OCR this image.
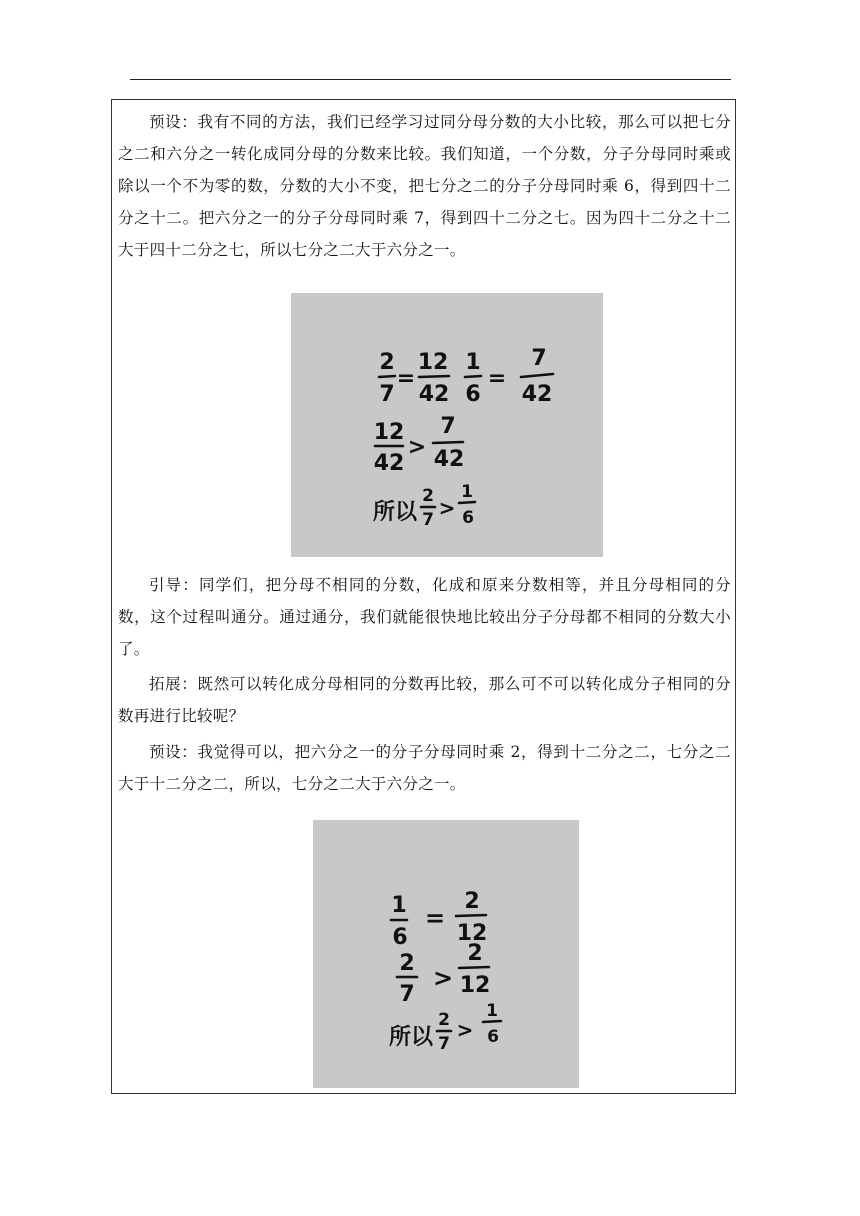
预设：我有不同的方法，我们已经学习过同分母分数的大小比较，那么可以把七分之二和六分之一转化成同分母的分数来比较。我们知道，一个分数，分子分母同时乘或除以一个不为零的数，分数的大小不变，把七分之二的分子分母同时乘 6，得到四十二分之十二。把六分之一的分子分母同时乘 7，得到四十二分之七。因为四十二分之十二大于四十二分之七，所以七分之二大于六分之一。

2
7
=
12
42
1
6
=
7
42
12
42
>
7
42
所以
2
7 >
1
6

引导：同学们，把分母不相同的分数，化成和原来分数相等，并且分母相同的分数，这个过程叫通分。通过通分，我们就能很快地比较出分子分母都不相同的分数大小了。

拓展：既然可以转化成分母相同的分数再比较，那么可不可以转化成分子相同的分数再进行比较呢？

预设：我觉得可以，把六分之一的分子分母同时乘 2，得到十二分之二，七分之二大于十二分之二，所以，七分之二大于六分之一。

1
6
=
2
12
2
7
>
2
12
所以
2
7
>
1
6
